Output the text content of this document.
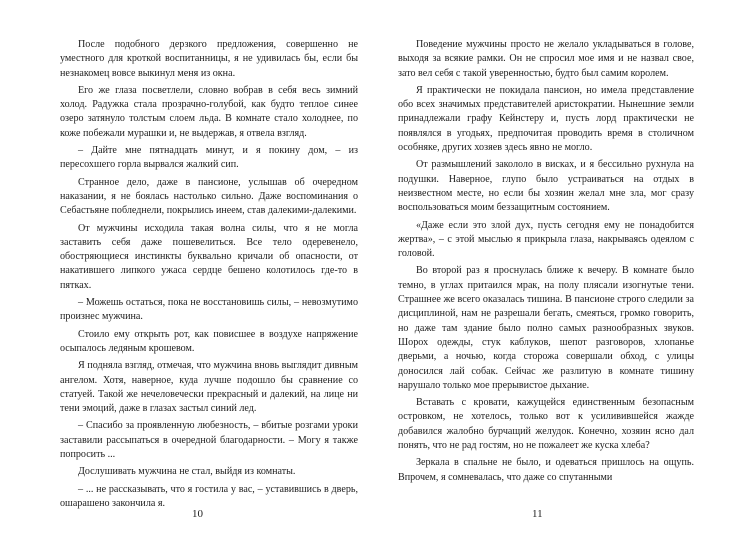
После подобного дерзкого предложения, совершенно не уместного для кроткой воспитанницы, я не удивилась бы, если бы незнакомец вовсе выкинул меня из окна.

Его же глаза посветлели, словно вобрав в себя весь зимний холод. Радужка стала прозрачно-голубой, как будто теплое синее озеро затянуло толстым слоем льда. В комнате стало холоднее, по коже побежали мурашки и, не выдержав, я отвела взгляд.

– Дайте мне пятнадцать минут, и я покину дом, – из пересохшего горла вырвался жалкий сип.

Странное дело, даже в пансионе, услышав об очередном наказании, я не боялась настолько сильно. Даже воспоминания о Себастьяне побледнели, покрылись инеем, став далекими-далекими.

От мужчины исходила такая волна силы, что я не могла заставить себя даже пошевелиться. Все тело одеревенело, обостряющиеся инстинкты буквально кричали об опасности, от накатившего липкого ужаса сердце бешено колотилось где-то в пятках.

– Можешь остаться, пока не восстановишь силы, – невозмутимо произнес мужчина.

Стоило ему открыть рот, как повисшее в воздухе напряжение осыпалось ледяным крошевом.

Я подняла взгляд, отмечая, что мужчина вновь выглядит дивным ангелом. Хотя, наверное, куда лучше подошло бы сравнение со статуей. Такой же нечеловечески прекрасный и далекий, на лице ни тени эмоций, даже в глазах застыл синий лед.

– Спасибо за проявленную любезность, – вбитые розгами уроки заставили рассыпаться в очередной благодарности. – Могу я также попросить ...

Дослушивать мужчина не стал, выйдя из комнаты.

– ... не рассказывать, что я гостила у вас, – уставившись в дверь, ошарашено закончила я.

Поведение мужчины просто не желало укладываться в голове, выходя за всякие рамки. Он не спросил мое имя и не назвал свое, зато вел себя с такой уверенностью, будто был самим королем.

Я практически не покидала пансион, но имела представление обо всех значимых представителей аристократии. Нынешние земли принадлежали графу Кейнстеру и, пусть лорд практически не появлялся в угодьях, предпочитая проводить время в столичном особняке, других хозяев здесь явно не могло.

От размышлений закололо в висках, и я бессильно рухнула на подушки. Наверное, глупо было устраиваться на отдых в неизвестном месте, но если бы хозяин желал мне зла, мог сразу воспользоваться моим беззащитным состоянием.

«Даже если это злой дух, пусть сегодня ему не понадобится жертва», – с этой мыслью я прикрыла глаза, накрываясь одеялом с головой.

Во второй раз я проснулась ближе к вечеру. В комнате было темно, в углах притаился мрак, на полу плясали изогнутые тени. Страшнее же всего оказалась тишина. В пансионе строго следили за дисциплиной, нам не разрешали бегать, смеяться, громко говорить, но даже там здание было полно самых разнообразных звуков. Шорох одежды, стук каблуков, шепот разговоров, хлопанье дверьми, а ночью, когда сторожа совершали обход, с улицы доносился лай собак. Сейчас же разлитую в комнате тишину нарушало только мое прерывистое дыхание.

Вставать с кровати, кажущейся единственным безопасным островком, не хотелось, только вот к усиливившейся жажде добавился жалобно бурчащий желудок. Конечно, хозяин ясно дал понять, что не рад гостям, но не пожалеет же куска хлеба?

Зеркала в спальне не было, и одеваться пришлось на ощупь. Впрочем, я сомневалась, что даже со спутанными

10	11
